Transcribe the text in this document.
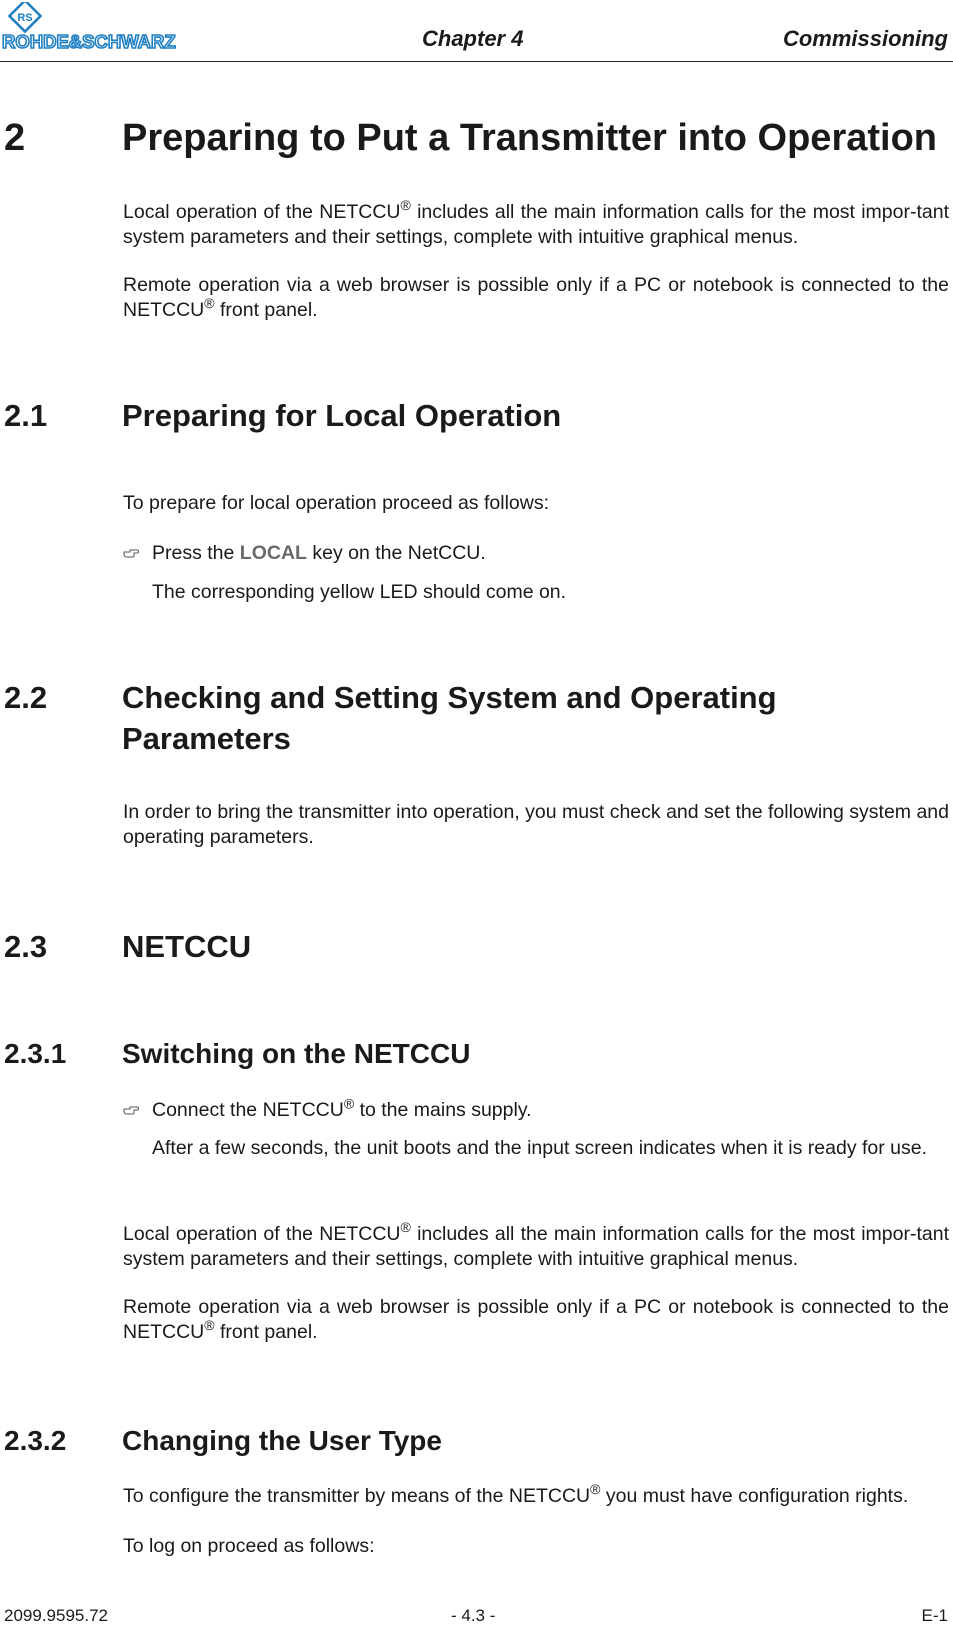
RS
ROHDE&SCHWARZ	Chapter 4	Commissioning
2	Preparing to Put a Transmitter into Operation
Local operation of the NETCCU® includes all the main information calls for the most impor-tant system parameters and their settings, complete with intuitive graphical menus.
Remote operation via a web browser is possible only if a PC or notebook is connected to the NETCCU® front panel.
2.1 Preparing for Local Operation
To prepare for local operation proceed as follows:
Press the LOCAL key on the NetCCU.
The corresponding yellow LED should come on.
2.2 Checking and Setting System and Operating Parameters
In order to bring the transmitter into operation, you must check and set the following system and operating parameters.
2.3 NETCCU
2.3.1 Switching on the NETCCU
Connect the NETCCU® to the mains supply.
After a few seconds, the unit boots and the input screen indicates when it is ready for use.
Local operation of the NETCCU® includes all the main information calls for the most impor-tant system parameters and their settings, complete with intuitive graphical menus.
Remote operation via a web browser is possible only if a PC or notebook is connected to the NETCCU® front panel.
2.3.2 Changing the User Type
To configure the transmitter by means of the NETCCU® you must have configuration rights.
To log on proceed as follows:
2099.9595.72	- 4.3 -	E-1
